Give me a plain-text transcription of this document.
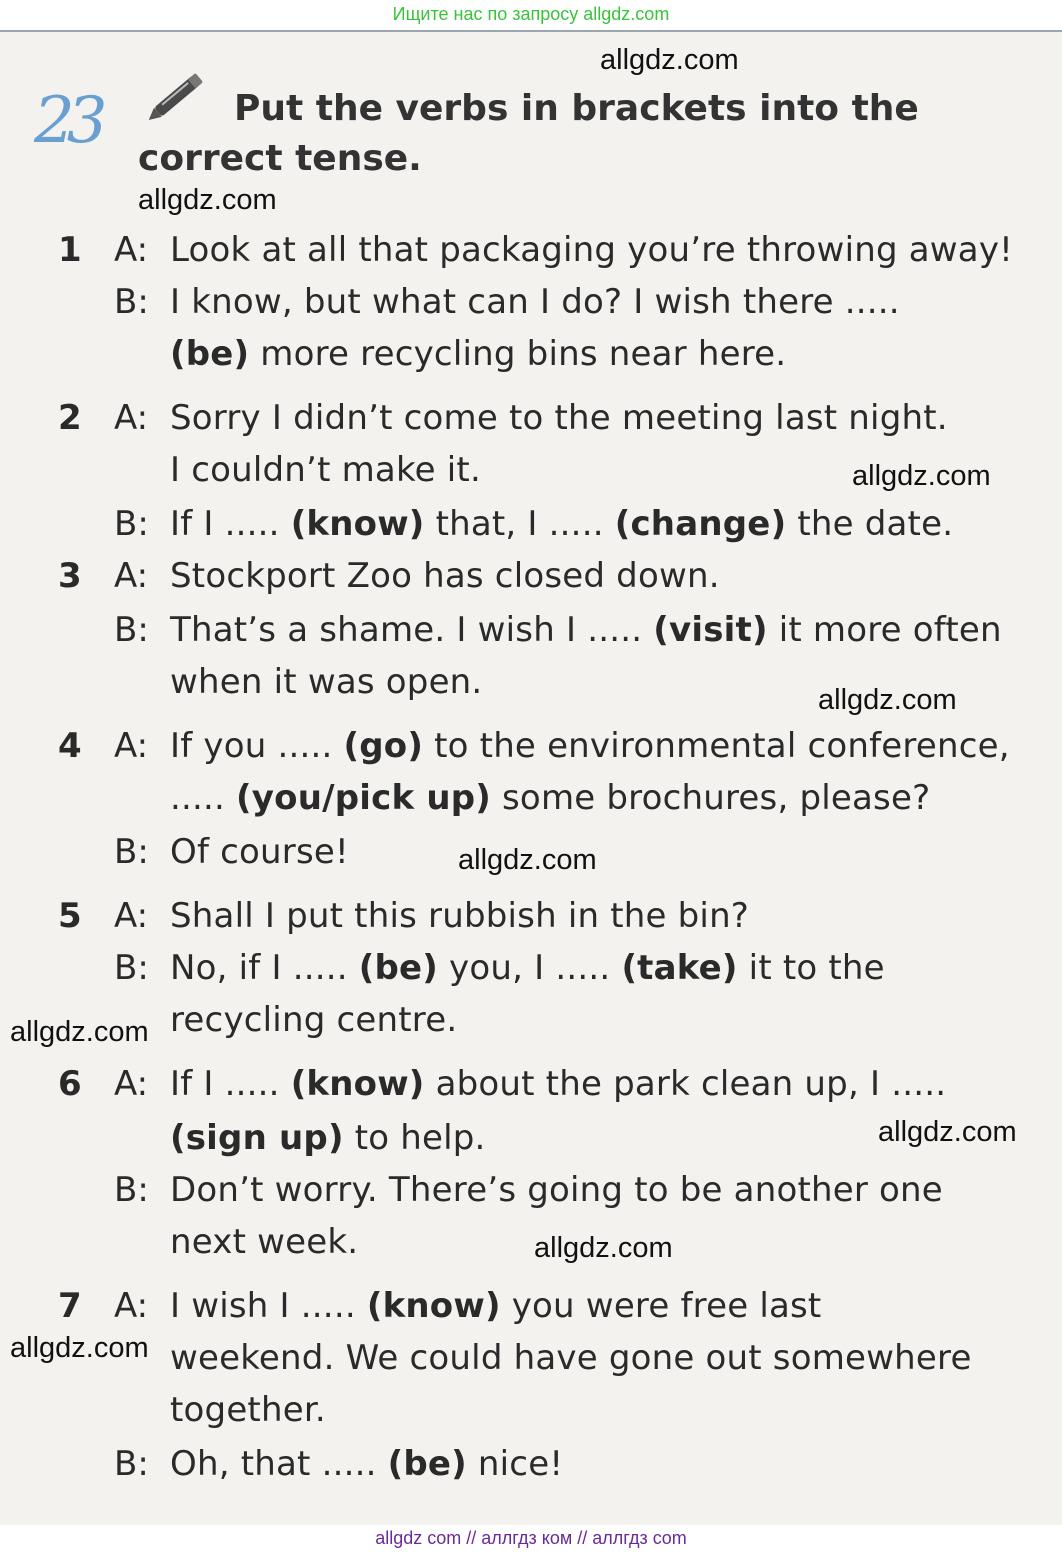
Ищите нас по запросу allgdz.com
23	Put the verbs in brackets into the
correct tense.
allgdz.com
allgdz.com
allgdz.com
allgdz.com
allgdz.com
allgdz.com
allgdz.com
allgdz.com
allgdz.com
1 A: Look at all that packaging you’re throwing away!
B: I know, but what can I do? I wish there .....
(be) more recycling bins near here.
2 A: Sorry I didn’t come to the meeting last night.
I couldn’t make it.
B: If I ..... (know) that, I ..... (change) the date.
3 A: Stockport Zoo has closed down.
B: That’s a shame. I wish I ..... (visit) it more often
when it was open.
4 A: If you ..... (go) to the environmental conference,
..... (you/pick up) some brochures, please?
B: Of course!
5 A: Shall I put this rubbish in the bin?
B: No, if I ..... (be) you, I ..... (take) it to the
recycling centre.
6 A: If I ..... (know) about the park clean up, I .....
(sign up) to help.
B: Don’t worry. There’s going to be another one
next week.
7 A: I wish I ..... (know) you were free last
weekend. We could have gone out somewhere
together.
B: Oh, that ..... (be) nice!
allgdz com // аллгдз ком // аллгдз com
